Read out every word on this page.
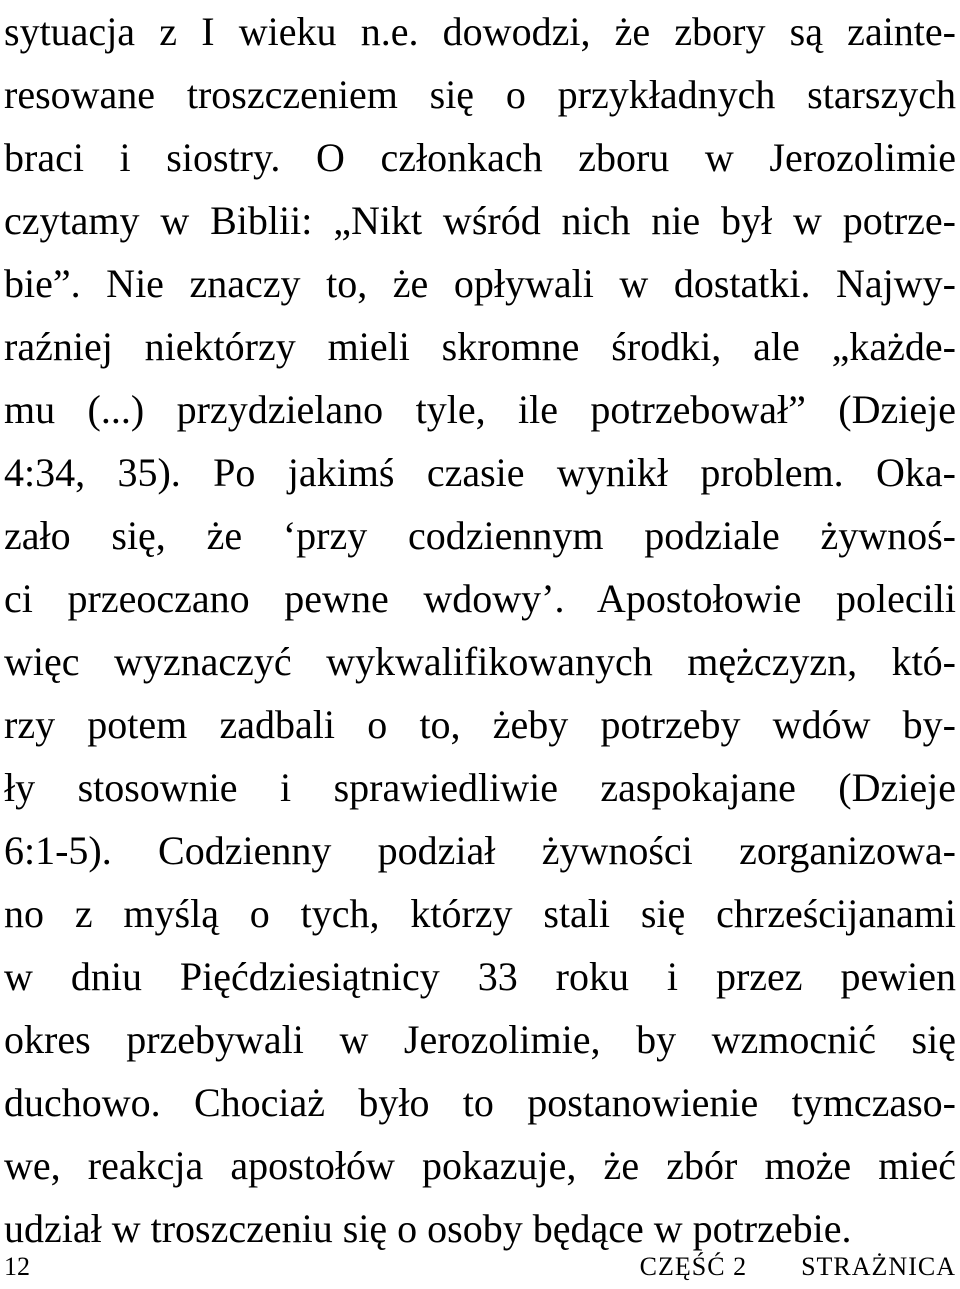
sytuacja z I wieku n.e. dowodzi, że zbory są zainte-
resowane troszczeniem się o przykładnych starszych
braci i siostry. O członkach zboru w Jerozolimie
czytamy w Biblii: „Nikt wśród nich nie był w potrze-
bie”. Nie znaczy to, że opływali w dostatki. Najwy-
raźniej niektórzy mieli skromne środki, ale „każde-
mu (...) przydzielano tyle, ile potrzebował” (Dzieje
4:34, 35). Po jakimś czasie wynikł problem. Oka-
zało się, że ‘przy codziennym podziale żywnoś-
ci przeoczano pewne wdowy’. Apostołowie polecili
więc wyznaczyć wykwalifikowanych mężczyzn, któ-
rzy potem zadbali o to, żeby potrzeby wdów by-
ły stosownie i sprawiedliwie zaspokajane (Dzieje
6:1-5). Codzienny podział żywności zorganizowa-
no z myślą o tych, którzy stali się chrześcijanami
w dniu Pięćdziesiątnicy 33 roku i przez pewien
okres przebywali w Jerozolimie, by wzmocnić się
duchowo. Chociaż było to postanowienie tymczaso-
we, reakcja apostołów pokazuje, że zbór może mieć
udział w troszczeniu się o osoby będące w potrzebie.
12	CZĘŚĆ 2 STRAŻNICA
